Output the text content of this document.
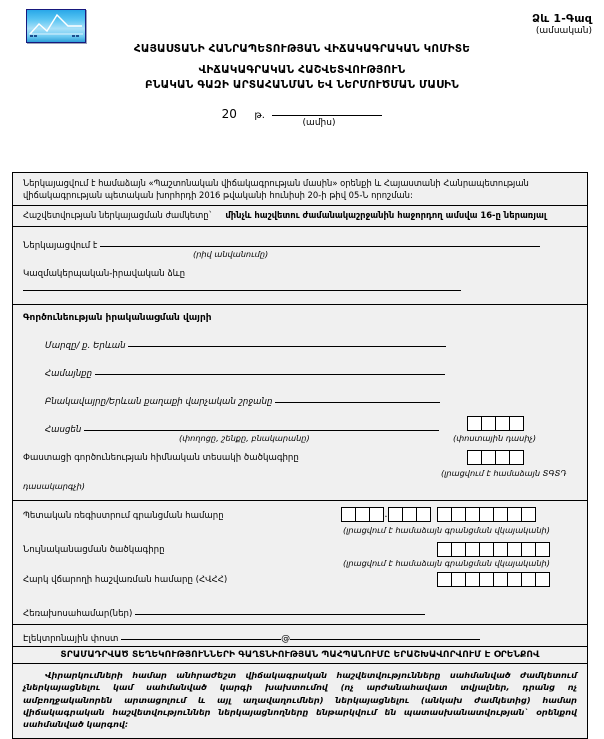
Ձև 1-Գազ
(ամսական)
ՀԱՅԱՍՏԱՆԻ ՀԱՆՐԱՊԵՏՈՒԹՅԱՆ ՎԻՃԱԿԱԳՐԱԿԱՆ ԿՈՄԻՏԵ
ՎԻՃԱԿԱԳՐԱԿԱՆ ՀԱՇՎԵՏՎՈՒԹՅՈՒՆ
ԲՆԱԿԱՆ ԳԱԶԻ ԱՐՏԱՀԱՆՄԱՆ ԵՎ ՆԵՐՄՈՒԾՄԱՆ ՄԱՍԻՆ
20 թ.
(ամիս)
Ներկայացվում է համաձայն «Պաշտոնական վիճակագրության մասին» օրենքի և Հայաստանի Հանրապետության վիճակագրության պետական խորհրդի 2016 թվականի հունիսի 20-ի թիվ 05-Ն որոշման:
Հաշվետվության ներկայացման ժամկետը` մինչև հաշվետու ժամանակաշրջանին հաջորդող ամսվա 16-ը ներառյալ
Ներկայացվում է
(րիվ անվանումը)
Կազմակերպական-իրավական ձևը
Գործունեության իրականացման վայրի
Մարզը/ ք. Երևան
Համայնքը
Բնակավայրը/Երևան քաղաքի վարչական շրջանը
Հասցեն
(փողոցը, շենքը, բնակարանը)
	(փոստային դասիչ)
Փաստացի գործունեության հիմնական տեսակի ծածկագիրը

(լրացվում է համաձայն ՏԳՏԴ
դասակարգչի)
Պետական ռեգիստրում գրանցման համարը	.
(լրացվում է համաձայն գրանցման վկայականի)
Նույնականացման ծածկագիրը

(լրացվում է համաձայն գրանցման վկայականի)
Հարկ վճարողի հաշվառման համարը (ՀՎՀՀ)

Հեռախոսահամար(ներ)
Էլեկտրոնային փոստ	@
ՏՐԱՄԱԴՐՎԱԾ ՏԵՂԵԿՈՒԹՅՈՒՆՆԵՐԻ ԳԱՂՏՆԻՈՒԹՅԱՆ ՊԱՀՊԱՆՈՒՄԸ ԵՐԱՇԽԱՎՈՐՎՈՒՄ Է ՕՐԵՆՔՈՎ
Վիրարկումների համար անհրաժեշտ վիճակագրական հաշվետվությունները սահմանված ժամկետում չներկայացնելու կամ սահմանված կարգի խախտումով (ոչ արժանահավատ տվյալներ, դրանց ոչ ամբողջականորեն արտացոլում և այլ աղավաղումներ) ներկայացնելու (անկախ ժամկետից) համար վիճակագրական հաշվետվություններ ներկայացնողները ենթարկվում են պատասխանատվության` օրենքով սահմանված կարգով:
